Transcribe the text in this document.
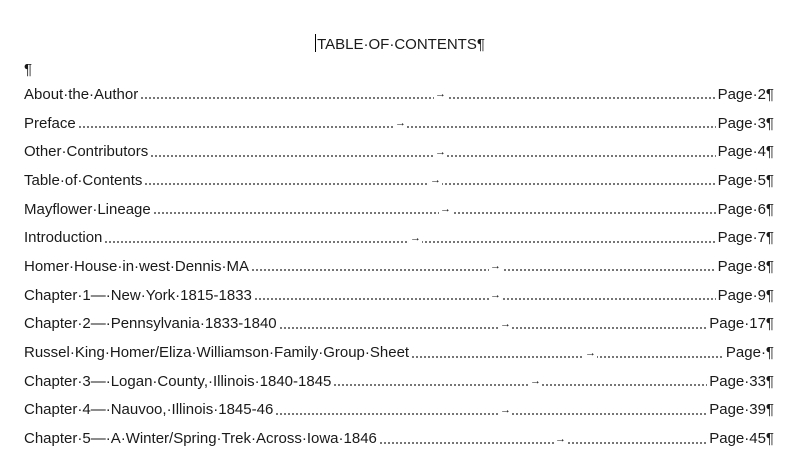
TABLE·OF·CONTENTS¶
¶
About·the·Author	→	Page·2¶
Preface	→	Page·3¶
Other·Contributors	→	Page·4¶
Table·of·Contents	→	Page·5¶
Mayflower·Lineage	→	Page·6¶
Introduction	→	Page·7¶
Homer·House·in·west·Dennis·MA	→	Page·8¶
Chapter·1—·New·York·1815-1833	→	Page·9¶
Chapter·2—·Pennsylvania·1833-1840	→	Page·17¶
Russel·King·Homer/Eliza·Williamson·Family·Group·Sheet	→	Page·¶
Chapter·3—·Logan·County,·Illinois·1840-1845	→	Page·33¶
Chapter·4—·Nauvoo,·Illinois·1845-46	→	Page·39¶
Chapter·5—·A·Winter/Spring·Trek·Across·Iowa·1846	→	Page·45¶
